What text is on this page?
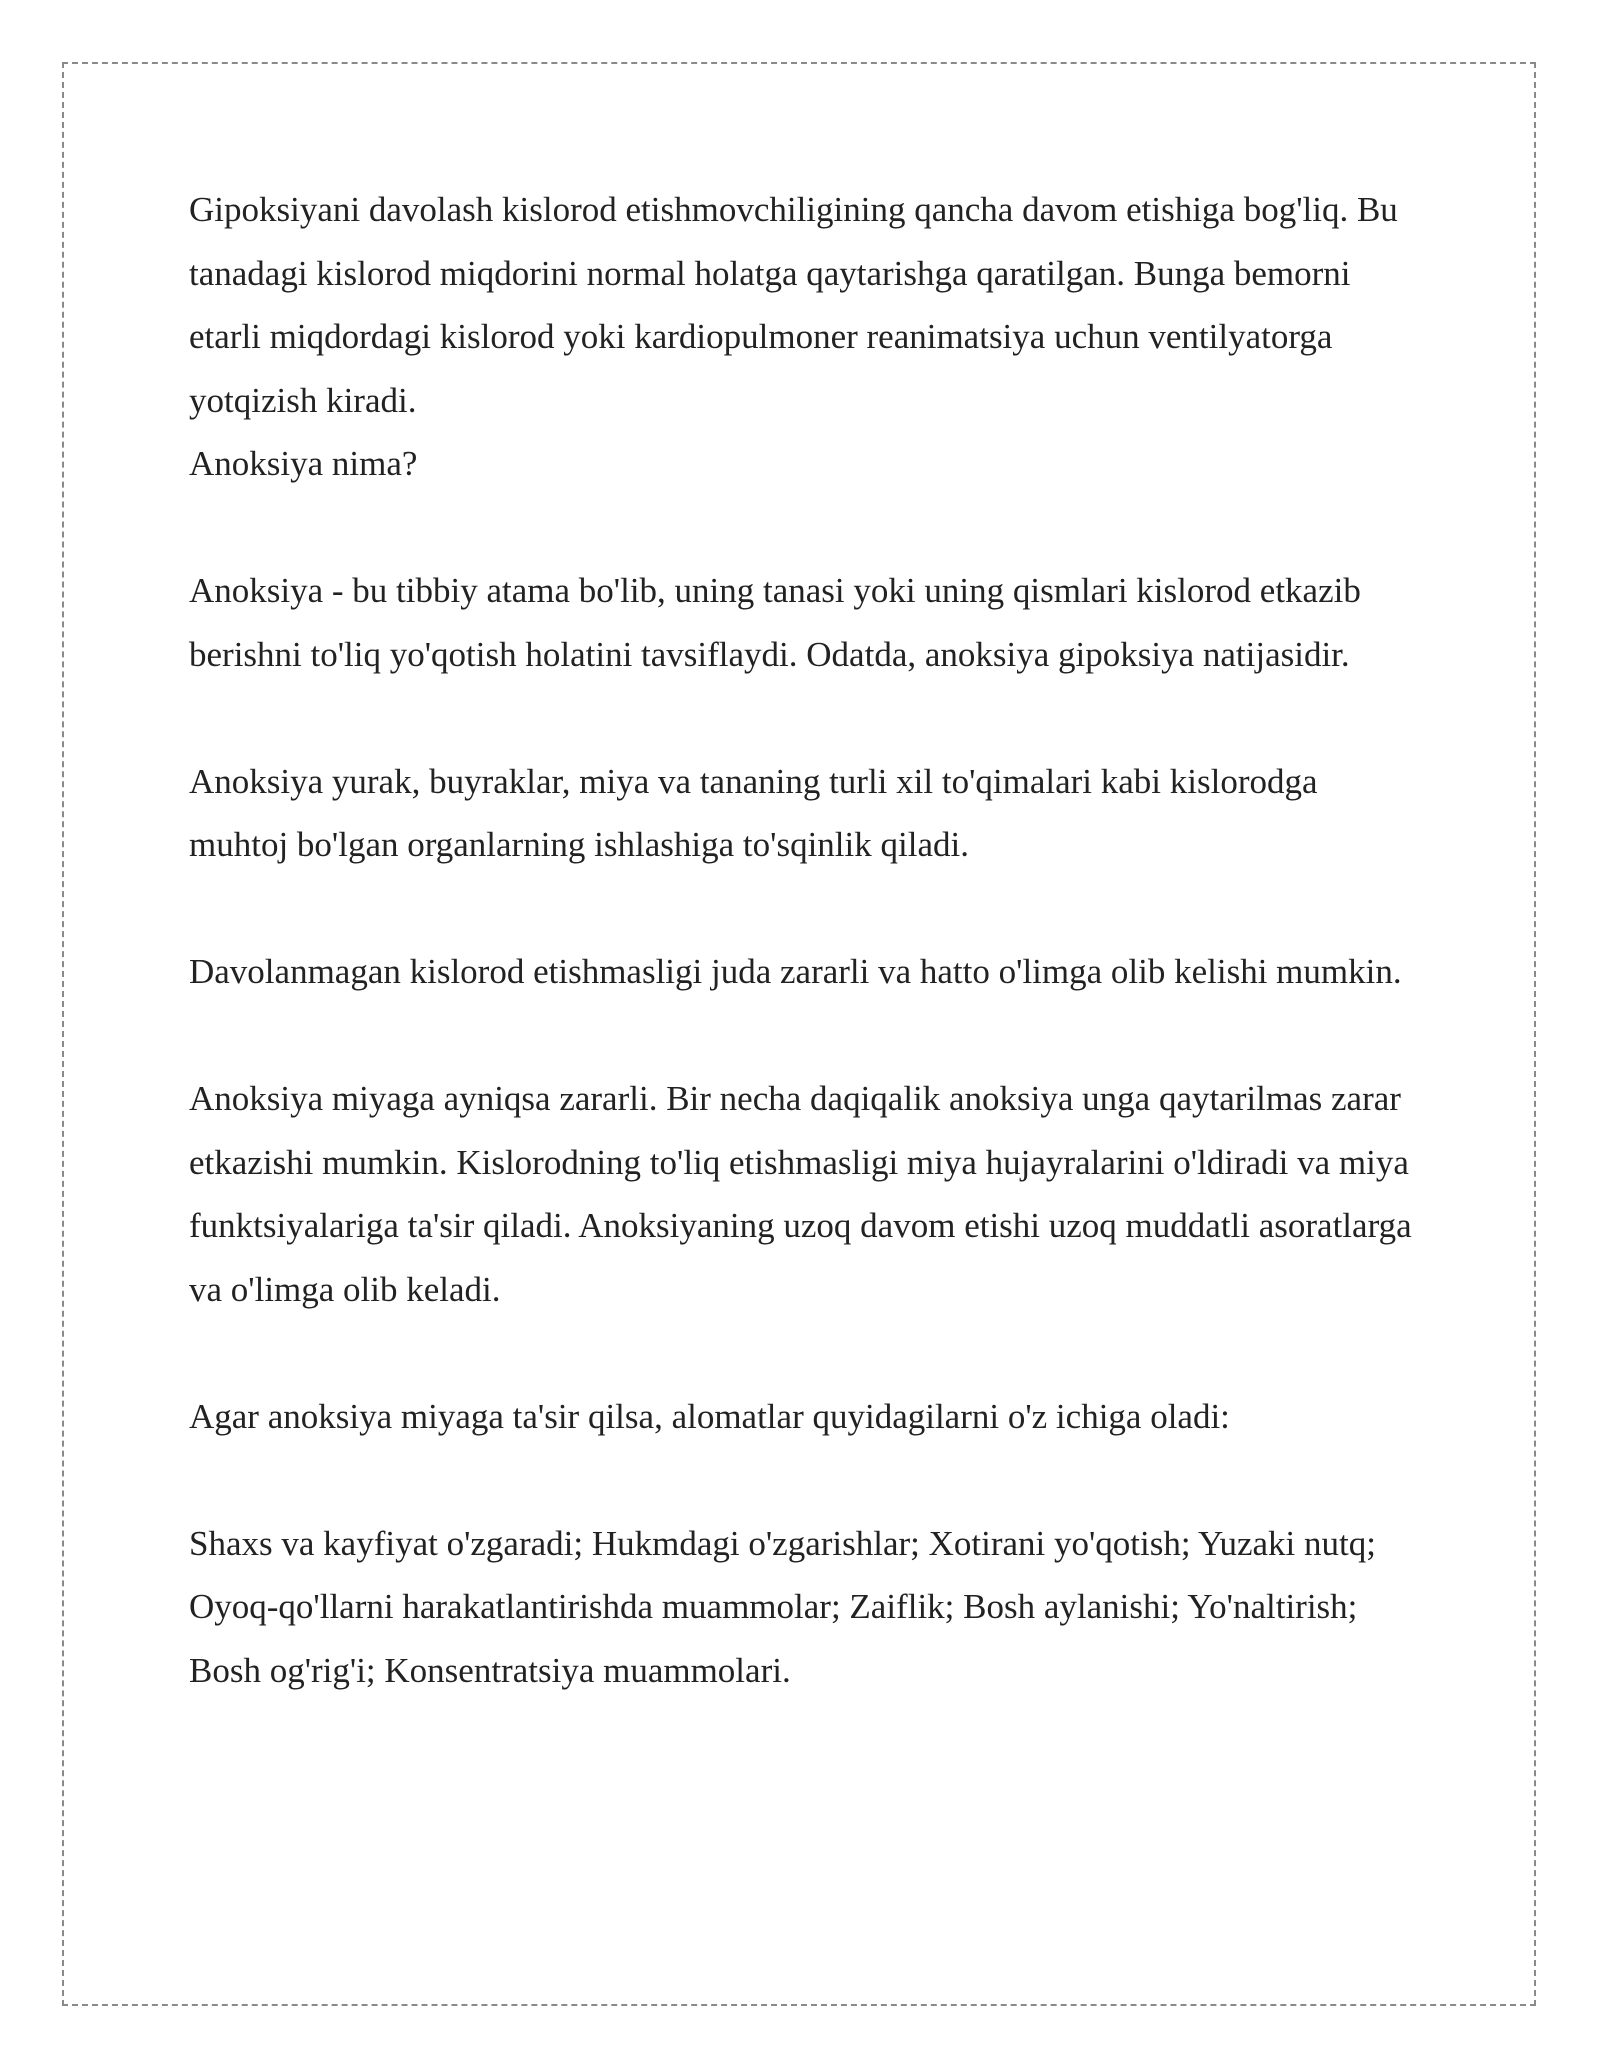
Gipoksiyani davolash kislorod etishmovchiligining qancha davom etishiga bog'liq. Bu tanadagi kislorod miqdorini normal holatga qaytarishga qaratilgan. Bunga bemorni etarli miqdordagi kislorod yoki kardiopulmoner reanimatsiya uchun ventilyatorga yotqizish kiradi.

Anoksiya nima?

Anoksiya - bu tibbiy atama bo'lib, uning tanasi yoki uning qismlari kislorod etkazib berishni to'liq yo'qotish holatini tavsiflaydi. Odatda, anoksiya gipoksiya natijasidir.

Anoksiya yurak, buyraklar, miya va tananing turli xil to'qimalari kabi kislorodga muhtoj bo'lgan organlarning ishlashiga to'sqinlik qiladi.

Davolanmagan kislorod etishmasligi juda zararli va hatto o'limga olib kelishi mumkin.

Anoksiya miyaga ayniqsa zararli. Bir necha daqiqalik anoksiya unga qaytarilmas zarar etkazishi mumkin. Kislorodning to'liq etishmasligi miya hujayralarini o'ldiradi va miya funktsiyalariga ta'sir qiladi. Anoksiyaning uzoq davom etishi uzoq muddatli asoratlarga va o'limga olib keladi.

Agar anoksiya miyaga ta'sir qilsa, alomatlar quyidagilarni o'z ichiga oladi:

Shaxs va kayfiyat o'zgaradi; Hukmdagi o'zgarishlar; Xotirani yo'qotish; Yuzaki nutq; Oyoq-qo'llarni harakatlantirishda muammolar; Zaiflik; Bosh aylanishi; Yo'naltirish; Bosh og'rig'i; Konsentratsiya muammolari.
